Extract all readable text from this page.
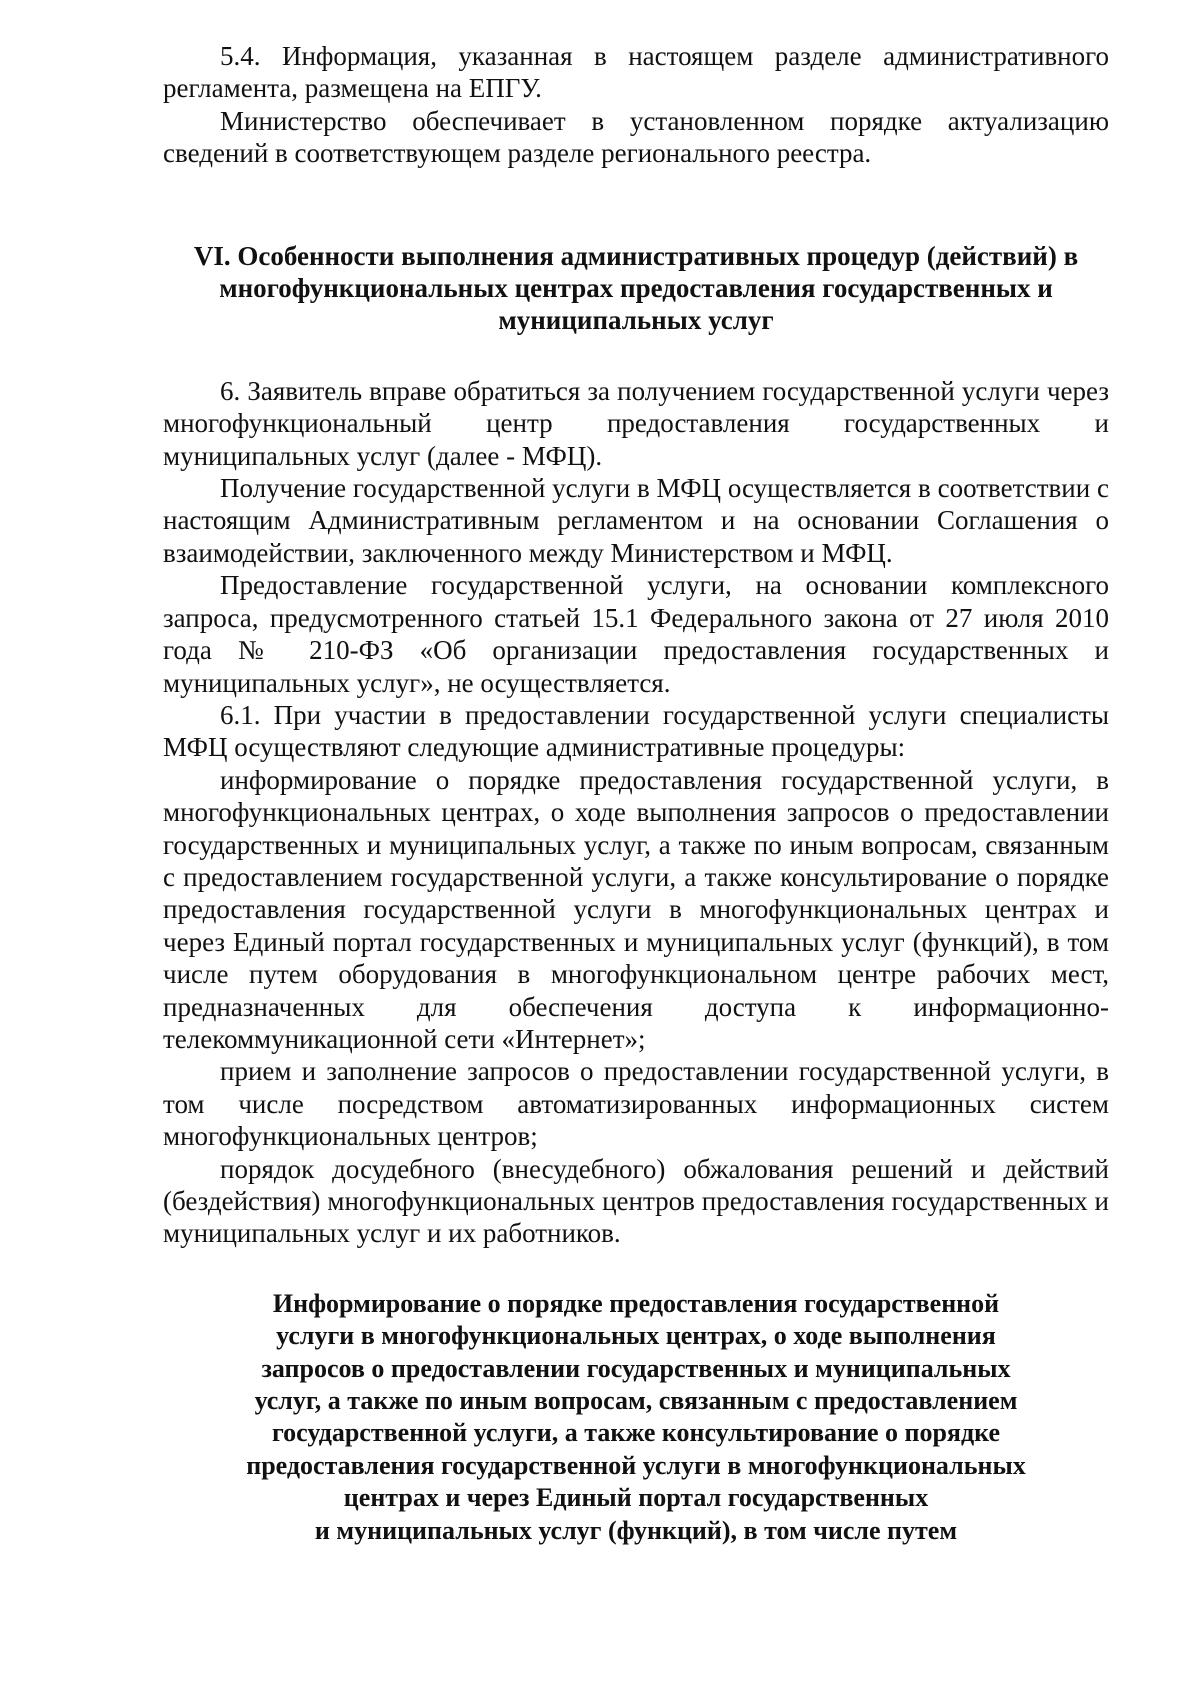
5.4. Информация, указанная в настоящем разделе административного регламента, размещена на ЕПГУ.

Министерство обеспечивает в установленном порядке актуализацию сведений в соответствующем разделе регионального реестра.

VI. Особенности выполнения административных процедур (действий) в многофункциональных центрах предоставления государственных и муниципальных услуг

6. Заявитель вправе обратиться за получением государственной услуги через многофункциональный центр предоставления государственных и муниципальных услуг (далее - МФЦ).

Получение государственной услуги в МФЦ осуществляется в соответствии с настоящим Административным регламентом и на основании Соглашения о взаимодействии, заключенного между Министерством и МФЦ.

Предоставление государственной услуги, на основании комплексного запроса, предусмотренного статьей 15.1 Федерального закона от 27 июля 2010 года № 210-ФЗ «Об организации предоставления государственных и муниципальных услуг», не осуществляется.

6.1. При участии в предоставлении государственной услуги специалисты МФЦ осуществляют следующие административные процедуры:

информирование о порядке предоставления государственной услуги, в многофункциональных центрах, о ходе выполнения запросов о предоставлении государственных и муниципальных услуг, а также по иным вопросам, связанным с предоставлением государственной услуги, а также консультирование о порядке предоставления государственной услуги в многофункциональных центрах и через Единый портал государственных и муниципальных услуг (функций), в том числе путем оборудования в многофункциональном центре рабочих мест, предназначенных для обеспечения доступа к информационно-телекоммуникационной сети «Интернет»;

прием и заполнение запросов о предоставлении государственной услуги, в том числе посредством автоматизированных информационных систем многофункциональных центров;

порядок досудебного (внесудебного) обжалования решений и действий (бездействия) многофункциональных центров предоставления государственных и муниципальных услуг и их работников.

Информирование о порядке предоставления государственной
услуги в многофункциональных центрах, о ходе выполнения
запросов о предоставлении государственных и муниципальных
услуг, а также по иным вопросам, связанным с предоставлением
государственной услуги, а также консультирование о порядке
предоставления государственной услуги в многофункциональных
центрах и через Единый портал государственных
и муниципальных услуг (функций), в том числе путем
